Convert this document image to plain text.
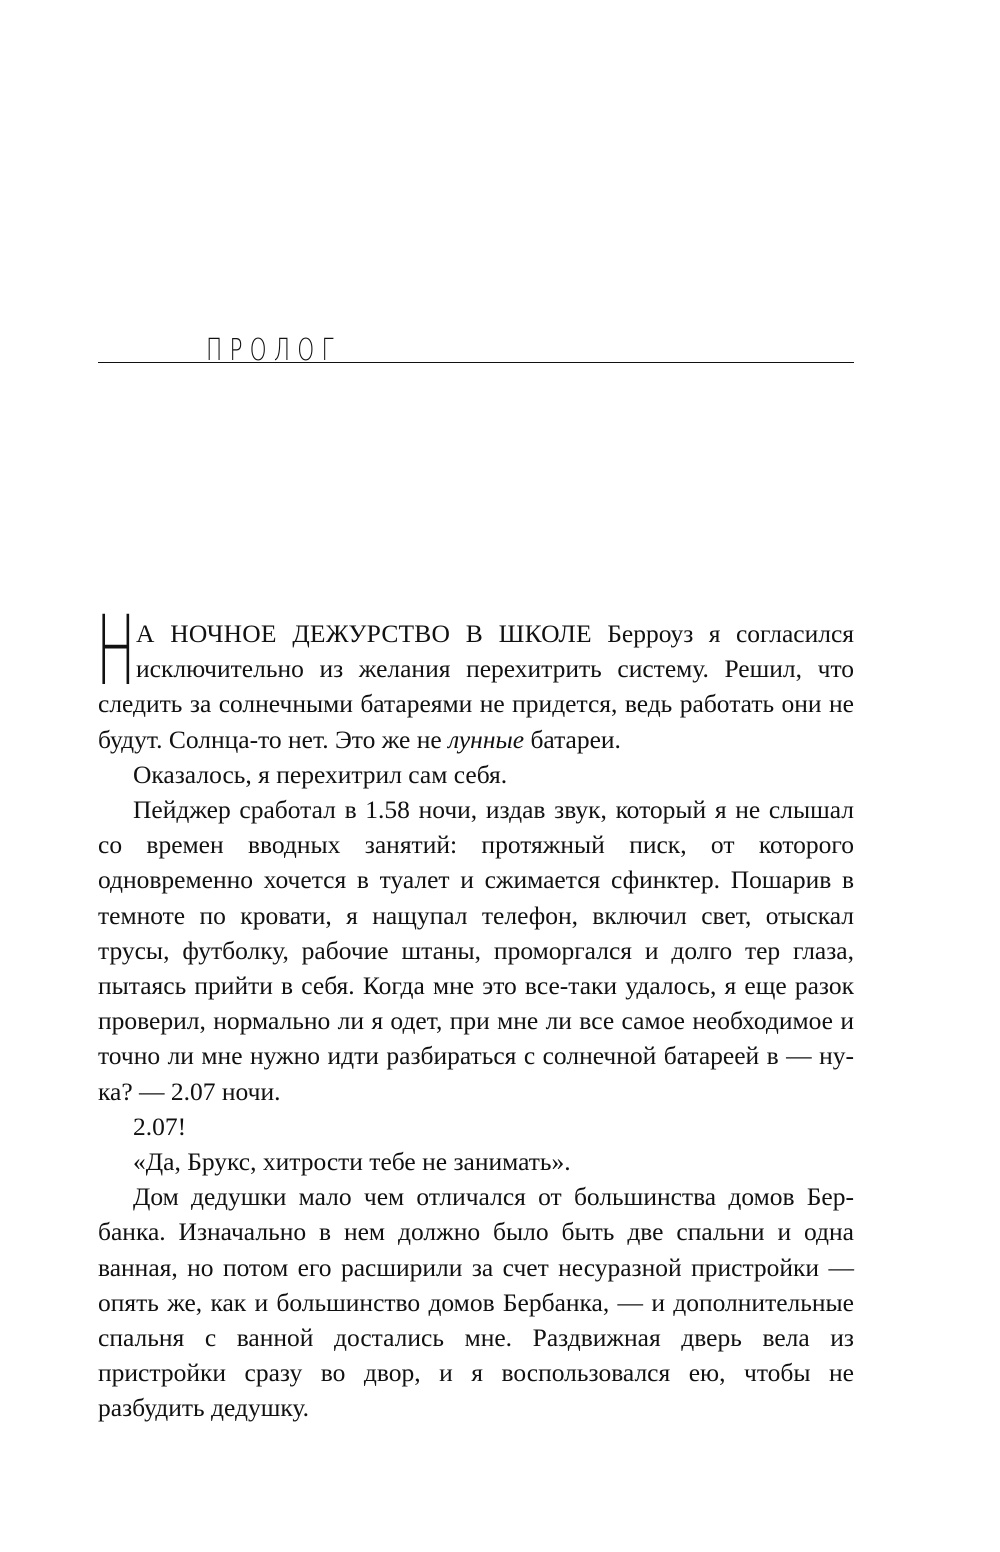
ПРОЛОГ

Н А НОЧНОЕ ДЕЖУРСТВО В ШКОЛЕ Берроуз я согласился исключительно из желания перехитрить систему. Решил, что следить за солнечными батареями не придется, ведь работать они не будут. Солнца-то нет. Это же не лунные батареи.

Оказалось, я перехитрил сам себя.

Пейджер сработал в 1.58 ночи, издав звук, который я не слышал со времен вводных занятий: протяжный писк, от которого одновременно хочется в туалет и сжимается сфинктер. Пошарив в темноте по кровати, я нащупал телефон, включил свет, отыскал трусы, футболку, рабочие штаны, проморгался и долго тер глаза, пытаясь прийти в себя. Когда мне это все-таки удалось, я еще разок проверил, нормально ли я одет, при мне ли все самое необходимое и точно ли мне нужно идти разбираться с солнечной батареей в — ну-ка? — 2.07 ночи.

2.07!

«Да, Брукс, хитрости тебе не занимать».

Дом дедушки мало чем отличался от большинства домов Бербанка. Изначально в нем должно было быть две спальни и одна ванная, но потом его расширили за счет несуразной пристройки — опять же, как и большинство домов Бербанка, — и дополнительные спальня с ванной достались мне. Раздвижная дверь вела из пристройки сразу во двор, и я воспользовался ею, чтобы не разбудить дедушку.
